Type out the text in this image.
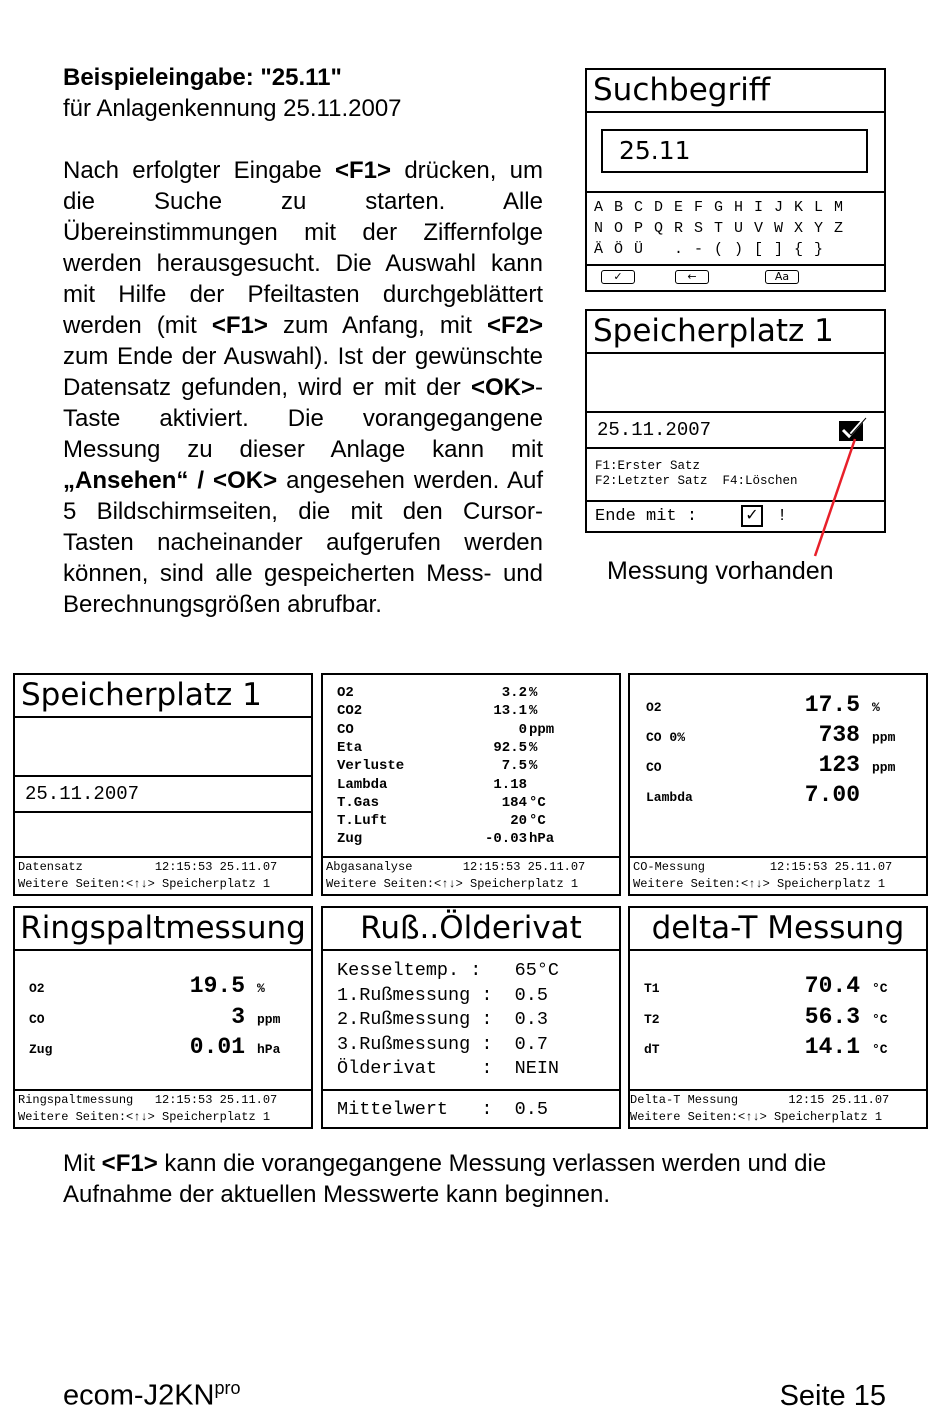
Beispieleingabe: "25.11"
für Anlagenkennung 25.11.2007
Nach erfolgter Eingabe <F1> drücken, um die Suche zu starten. Alle Übereinstimmungen mit der Ziffernfolge werden herausgesucht. Die Auswahl kann mit Hilfe der Pfeiltasten durchgeblättert werden (mit <F1> zum Anfang, mit <F2> zum Ende der Auswahl). Ist der gewünschte Datensatz gefunden, wird er mit der <OK>-Taste aktiviert. Die vorangegangene Messung zu dieser Anlage kann mit „Ansehen“ / <OK> angesehen werden. Auf 5 Bildschirmseiten, die mit den Cursor-Tasten nacheinander aufgerufen werden können, sind alle gespeicherten Mess- und Berechnungsgrößen abrufbar.
Suchbegriff
25.11
A B C D E F G H I J K L M
N O P Q R S T U V W X Y Z
Ä Ö Ü   . - ( ) [ ] { }
✓	←	Aa
Speicherplatz 1
25.11.2007
F1:Erster Satz
F2:Letzter Satz  F4:Löschen
Ende mit :	✓ !
Messung vorhanden
Speicherplatz 1
25.11.2007
Datensatz          12:15:53 25.11.07
Weitere Seiten:<↑↓> Speicherplatz 1
O2	3.2 %
CO2	13.1 %
CO	0 ppm
Eta	92.5 %
Verluste	7.5 %
Lambda	1.18
T.Gas	184 °C
T.Luft	20 °C
Zug	-0.03 hPa
Abgasanalyse       12:15:53 25.11.07
Weitere Seiten:<↑↓> Speicherplatz 1
O2	17.5 %
CO 0%	738 ppm
CO	123 ppm
Lambda	7.00
CO-Messung         12:15:53 25.11.07
Weitere Seiten:<↑↓> Speicherplatz 1
Ringspaltmessung
O2	19.5 %
CO	3 ppm
Zug	0.01 hPa
Ringspaltmessung   12:15:53 25.11.07
Weitere Seiten:<↑↓> Speicherplatz 1
Ruß..Ölderivat
Kesseltemp. :   65°C
1.Rußmessung :  0.5
2.Rußmessung :  0.3
3.Rußmessung :  0.7
Ölderivat    :  NEIN
Mittelwert   :  0.5
delta-T Messung
T1	70.4 °C
T2	56.3 °C
dT	14.1 °C
Delta-T Messung       12:15 25.11.07
Weitere Seiten:<↑↓> Speicherplatz 1
Mit <F1> kann die vorangegangene Messung verlassen werden und die Aufnahme der aktuellen Messwerte kann beginnen.
ecom-$J2KN^{pro}$	Seite 15
